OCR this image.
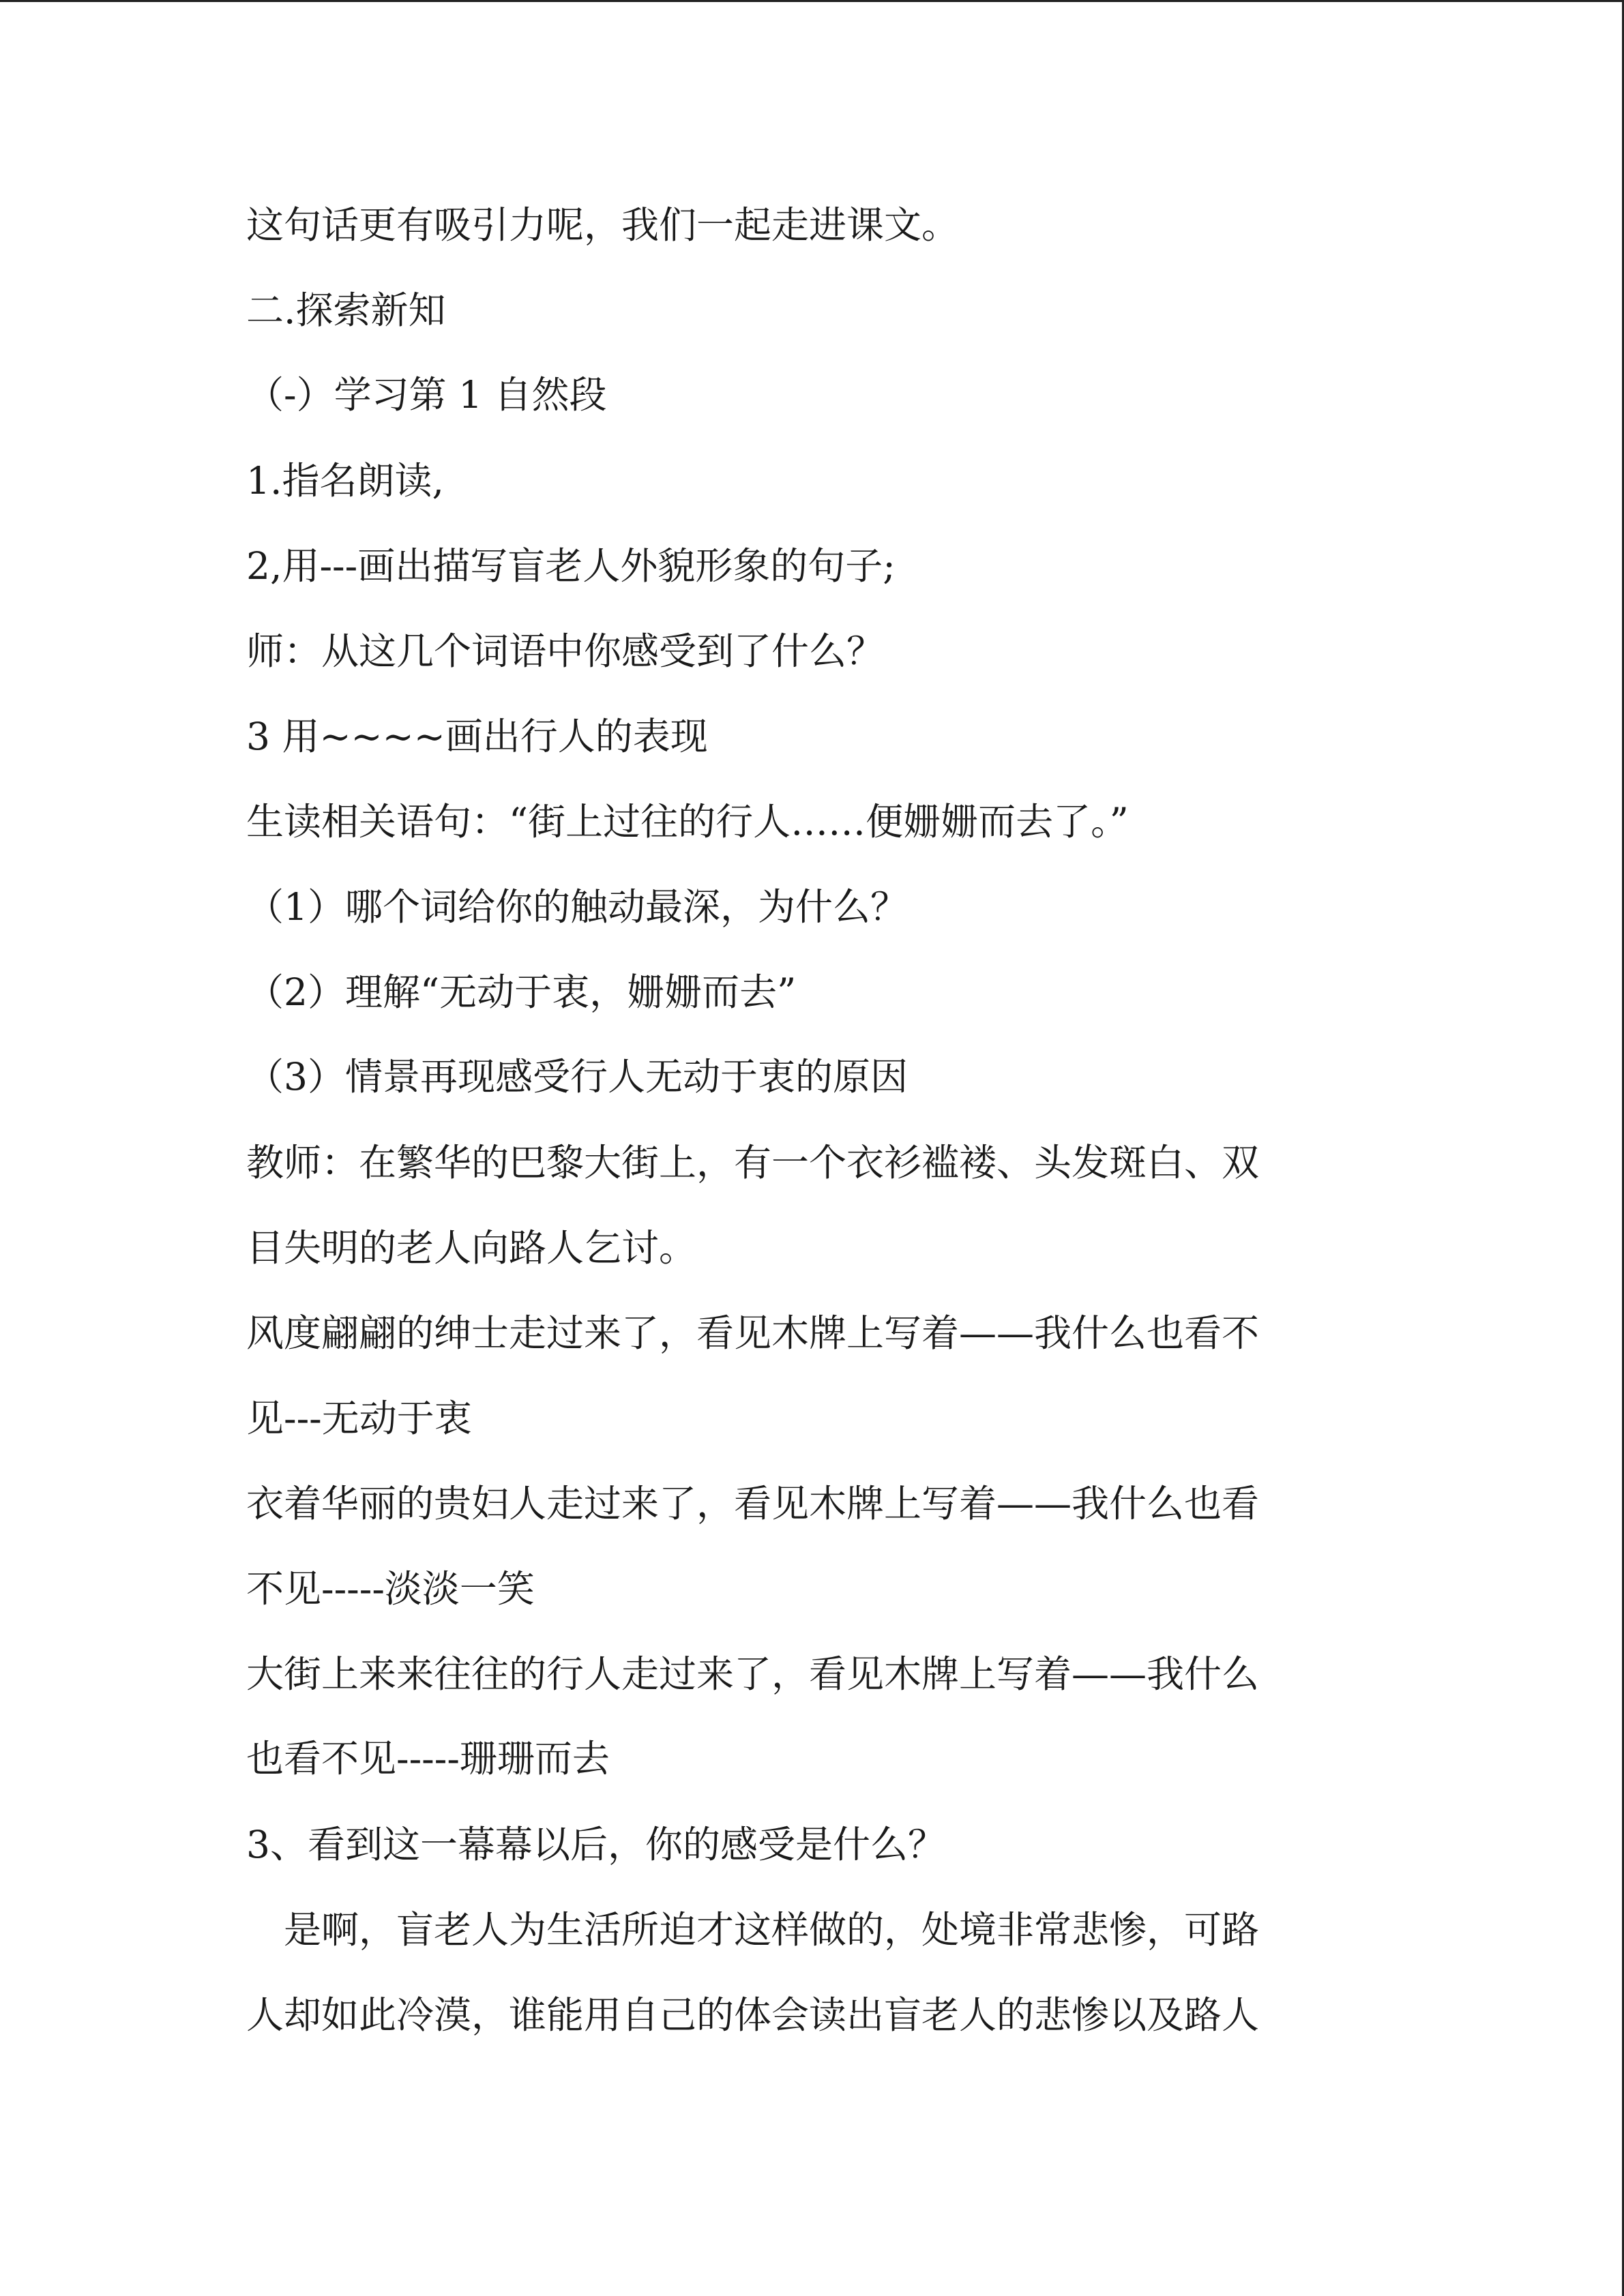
这句话更有吸引力呢，我们一起走进课文。
二.探索新知
（-）学习第 1 自然段
1.指名朗读,
2,用---画出描写盲老人外貌形象的句子;
师：从这几个词语中你感受到了什么？
3 用~~~~画出行人的表现
生读相关语句：“街上过往的行人……便姗姗而去了。”
（1）哪个词给你的触动最深，为什么？
（2）理解“无动于衷，姗姗而去”
（3）情景再现感受行人无动于衷的原因
教师：在繁华的巴黎大街上，有一个衣衫褴褛、头发斑白、双
目失明的老人向路人乞讨。
风度翩翩的绅士走过来了，看见木牌上写着——我什么也看不
见---无动于衷
衣着华丽的贵妇人走过来了，看见木牌上写着——我什么也看
不见-----淡淡一笑
大街上来来往往的行人走过来了，看见木牌上写着——我什么
也看不见-----珊珊而去
3、看到这一幕幕以后，你的感受是什么？
　是啊，盲老人为生活所迫才这样做的，处境非常悲惨，可路
人却如此冷漠，谁能用自己的体会读出盲老人的悲惨以及路人
